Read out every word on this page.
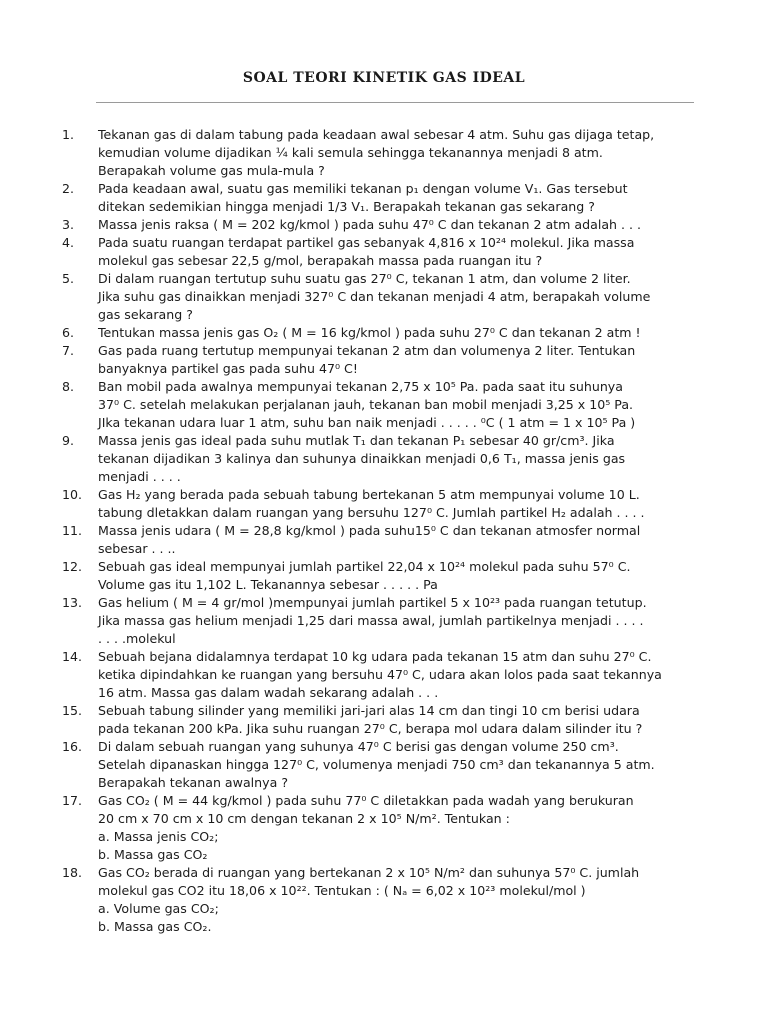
SOAL TEORI KINETIK GAS IDEAL
1.	Tekanan gas di dalam tabung pada keadaan awal sebesar 4 atm. Suhu gas dijaga tetap,
kemudian volume dijadikan ¼ kali semula sehingga tekanannya menjadi 8 atm.
Berapakah volume gas mula-mula ?
2.	Pada keadaan awal, suatu gas memiliki tekanan p₁ dengan volume V₁. Gas tersebut
ditekan sedemikian hingga menjadi 1/3 V₁. Berapakah tekanan gas sekarang ?
3.	Massa jenis raksa ( M = 202 kg/kmol ) pada suhu 47⁰ C dan tekanan 2 atm adalah . . .
4.	Pada suatu ruangan terdapat partikel gas sebanyak 4,816 x 10²⁴ molekul. Jika massa
molekul gas sebesar 22,5 g/mol, berapakah massa pada ruangan itu ?
5.	Di dalam ruangan tertutup suhu suatu gas 27⁰ C, tekanan 1 atm, dan volume 2 liter.
Jika suhu gas dinaikkan menjadi 327⁰ C dan tekanan menjadi 4 atm, berapakah volume
gas sekarang ?
6.	Tentukan massa jenis gas O₂ ( M = 16 kg/kmol ) pada suhu 27⁰ C dan tekanan 2 atm !
7.	Gas pada ruang tertutup mempunyai tekanan 2 atm dan volumenya 2 liter. Tentukan
banyaknya partikel gas pada suhu 47⁰ C!
8.	Ban mobil pada awalnya mempunyai tekanan 2,75 x 10⁵ Pa. pada saat itu suhunya
37⁰ C. setelah melakukan perjalanan jauh, tekanan ban mobil menjadi 3,25 x 10⁵ Pa.
JIka tekanan udara luar 1 atm, suhu ban naik menjadi . . . . . ⁰C ( 1 atm = 1 x 10⁵ Pa )
9.	Massa jenis gas ideal pada suhu mutlak T₁ dan tekanan P₁ sebesar 40 gr/cm³. Jika
tekanan dijadikan 3 kalinya dan suhunya dinaikkan menjadi 0,6 T₁, massa jenis gas
menjadi . . . .
10.	Gas H₂ yang berada pada sebuah tabung bertekanan 5 atm mempunyai volume 10 L.
tabung dletakkan dalam ruangan yang bersuhu 127⁰ C. Jumlah partikel H₂ adalah . . . .
11.	Massa jenis udara ( M = 28,8 kg/kmol ) pada suhu15⁰ C dan tekanan atmosfer normal
sebesar . . ..
12.	Sebuah gas ideal mempunyai jumlah partikel 22,04 x 10²⁴ molekul pada suhu 57⁰ C.
Volume gas itu 1,102 L. Tekanannya sebesar . . . . . Pa
13.	Gas helium ( M = 4 gr/mol )mempunyai jumlah partikel 5 x 10²³ pada ruangan tetutup.
Jika massa gas helium menjadi 1,25 dari massa awal, jumlah partikelnya menjadi . . . .
. . . .molekul
14.	Sebuah bejana didalamnya terdapat 10 kg udara pada tekanan 15 atm dan suhu 27⁰ C.
ketika dipindahkan ke ruangan yang bersuhu 47⁰ C, udara akan lolos pada saat tekannya
16 atm. Massa gas dalam wadah sekarang adalah . . .
15.	Sebuah tabung silinder yang memiliki jari-jari alas 14 cm dan tingi 10 cm berisi udara
pada tekanan 200 kPa. Jika suhu ruangan 27⁰ C, berapa mol udara dalam silinder itu ?
16.	Di dalam sebuah ruangan yang suhunya 47⁰ C berisi gas dengan volume 250 cm³.
Setelah dipanaskan hingga 127⁰ C, volumenya menjadi 750 cm³ dan tekanannya 5 atm.
Berapakah tekanan awalnya ?
17.	Gas CO₂ ( M = 44 kg/kmol ) pada suhu 77⁰ C diletakkan pada wadah yang berukuran
20 cm x 70 cm x 10 cm dengan tekanan 2 x 10⁵ N/m². Tentukan :
a. Massa jenis CO₂;
b. Massa gas CO₂
18.	Gas CO₂ berada di ruangan yang bertekanan 2 x 10⁵ N/m² dan suhunya 57⁰ C. jumlah
molekul gas CO2 itu 18,06 x 10²². Tentukan : ( Nₐ = 6,02 x 10²³ molekul/mol )
a. Volume gas CO₂;
b. Massa gas CO₂.
